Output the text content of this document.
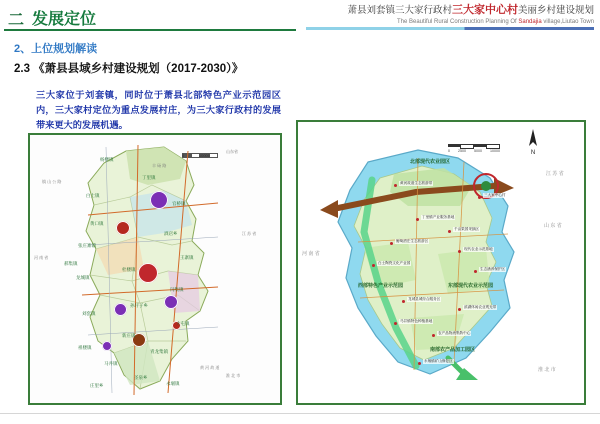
二 发展定位
萧县刘套镇三大家行政村三大家中心村美丽乡村建设规划
The Beautiful Rural Construction Planning Of Sandajia village,Liutao Town
2、上位规划解读
2.3 《萧县县域乡村建设规划（2017-2030）》
三大家位于刘套镇，同时位于萧县北部特色产业示范园区内，三大家村定位为重点发展村庄，为三大家行政村的发展带来更大的发展机遇。
河 南 省
江 苏 省
山东省
淮 北 市
0	10000
杨楼镇
丁里镇
白土镇
官桥镇
黄口镇
酒店乡
张庄寨镇
王寨镇
杜楼镇
龙城镇
闫集镇
孙圩子乡
刘套镇
大屯镇
新庄镇
祖楼镇
青龙集镇
马井镇
圣泉乡
庄里乡	永堌镇
郝集镇
镇 山 公 路
丰 砀 路
黄 河 故 道
N
0 2500 5000 10000
河 南 省
江 苏 省
山 东 省
淮 北 市
北部现代农业园区
西部特色产业示范园	东部现代农业示范园
南部农产品加工园区
黄河故道生态旅游带
三大家中心村
丁里镇产业服务基地
千亩果园采摘区
葡萄酒庄生态旅游区
现代农业示范基地
白土陶瓷文化产业园
生态涵养保护区
龙城县城综合服务区
滨湖休闲农业观光带
马井镇特色种植基地
农产品物流集散中心
永堌镇矿山修复区
